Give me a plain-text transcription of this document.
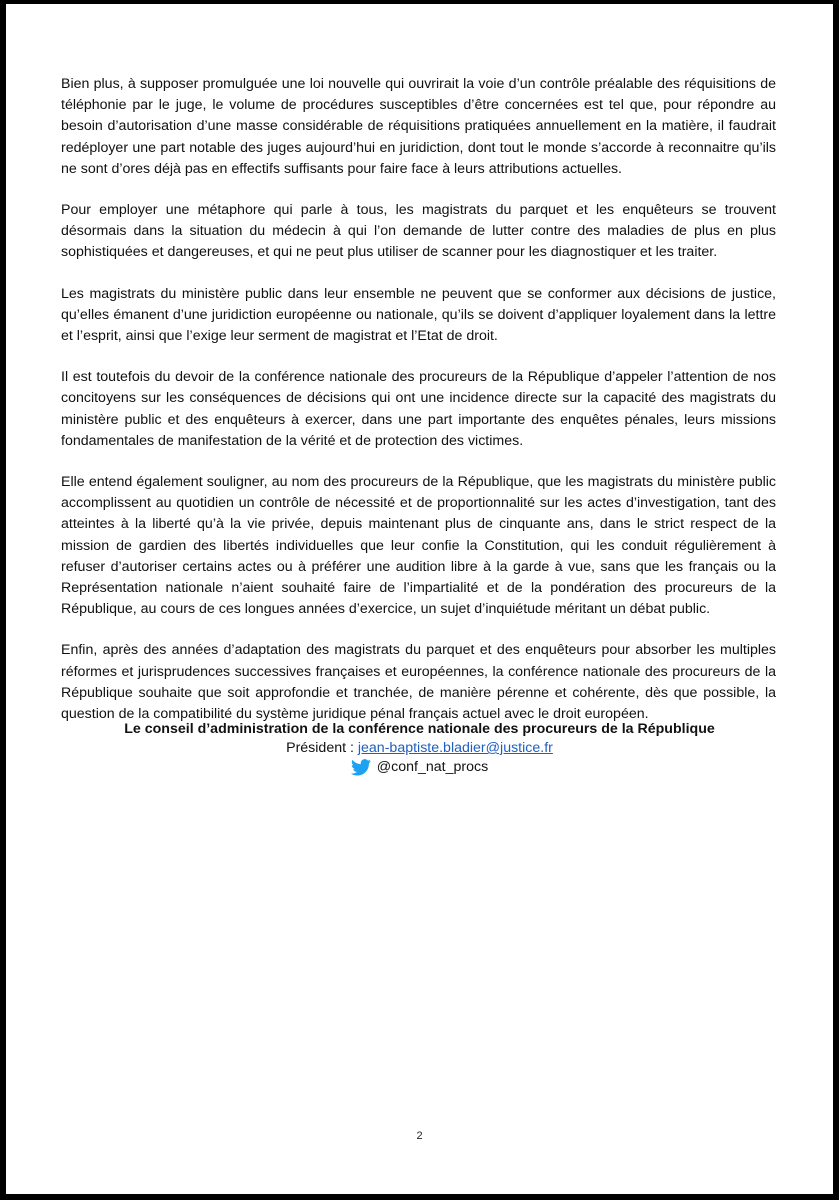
Bien plus, à supposer promulguée une loi nouvelle qui ouvrirait la voie d’un contrôle préalable des réquisitions de téléphonie par le juge, le volume de procédures susceptibles d’être concernées est tel que, pour répondre au besoin d’autorisation d’une masse considérable de réquisitions pratiquées annuellement en la matière, il faudrait redéployer une part notable des juges aujourd’hui en juridiction, dont tout le monde s’accorde à reconnaitre qu’ils ne sont d’ores déjà pas en effectifs suffisants pour faire face à leurs attributions actuelles.

Pour employer une métaphore qui parle à tous, les magistrats du parquet et les enquêteurs se trouvent désormais dans la situation du médecin à qui l’on demande de lutter contre des maladies de plus en plus sophistiquées et dangereuses, et qui ne peut plus utiliser de scanner pour les diagnostiquer et les traiter.

Les magistrats du ministère public dans leur ensemble ne peuvent que se conformer aux décisions de justice, qu’elles émanent d’une juridiction européenne ou nationale, qu’ils se doivent d’appliquer loyalement dans la lettre et l’esprit, ainsi que l’exige leur serment de magistrat et l’Etat de droit.

Il est toutefois du devoir de la conférence nationale des procureurs de la République d’appeler l’attention de nos concitoyens sur les conséquences de décisions qui ont une incidence directe sur la capacité des magistrats du ministère public et des enquêteurs à exercer, dans une part importante des enquêtes pénales, leurs missions fondamentales de manifestation de la vérité et de protection des victimes.

Elle entend également souligner, au nom des procureurs de la République, que les magistrats du ministère public accomplissent au quotidien un contrôle de nécessité et de proportionnalité sur les actes d’investigation, tant des atteintes à la liberté qu’à la vie privée, depuis maintenant plus de cinquante ans, dans le strict respect de la mission de gardien des libertés individuelles que leur confie la Constitution, qui les conduit régulièrement à refuser d’autoriser certains actes ou à préférer une audition libre à la garde à vue, sans que les français ou la Représentation nationale n’aient souhaité faire de l’impartialité et de la pondération des procureurs de la République, au cours de ces longues années d’exercice, un sujet d’inquiétude méritant un débat public.

Enfin, après des années d’adaptation des magistrats du parquet et des enquêteurs pour absorber les multiples réformes et jurisprudences successives françaises et européennes, la conférence nationale des procureurs de la République souhaite que soit approfondie et tranchée, de manière pérenne et cohérente, dès que possible, la question de la compatibilité du système juridique pénal français actuel avec le droit européen.

Le conseil d’administration de la conférence nationale des procureurs de la République
Président : jean-baptiste.bladier@justice.fr
@conf_nat_procs
2
